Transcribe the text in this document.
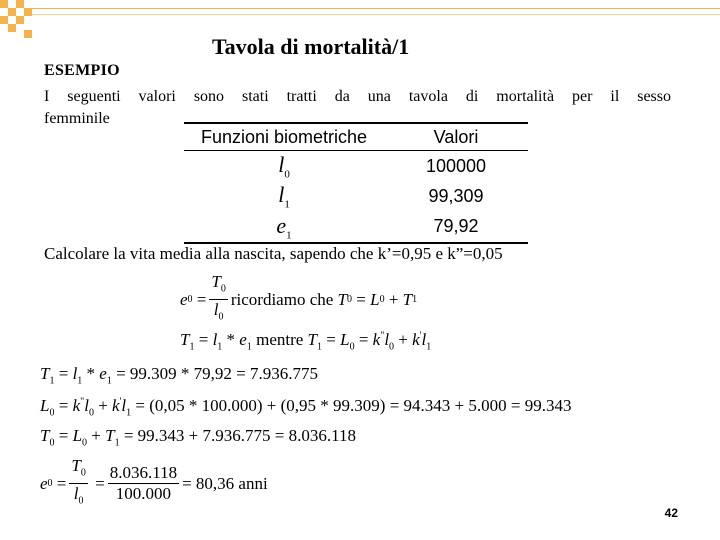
Tavola di mortalità/1
ESEMPIO
I seguenti valori sono stati tratti da una tavola di mortalità per il sesso
femminile
Funzioni biometriche	Valori
$l_0$	100000
$l_1$	99,309
$e_1$	79,92
Calcolare la vita media alla nascita, sapendo che k’=0,95 e k”=0,05
e $0 = \frac{T_0}{l_0}$ ricordiamo che
T 0 = L 0 + T 1
$T_1 = l_1 * e_1$ mentre $T_1 = L_0 = k^"l_0 + k'l_1$
$T_1 = l_1 * e_1 = 99.309 * 79,92 = 7.936.775$
$L_0 = k^"l_0 + k'l_1 = (0,05 * 100.000) + (0,95 * 99.309) = 94.343 + 5.000 = 99.343$
$T_0 = L_0 + T_1 = 99.343 + 7.936.775 = 8.036.118$
e $0 = \frac{T_0}{l_0} = \frac{8.036.118}{100.000} = 80,36$ anni
42
